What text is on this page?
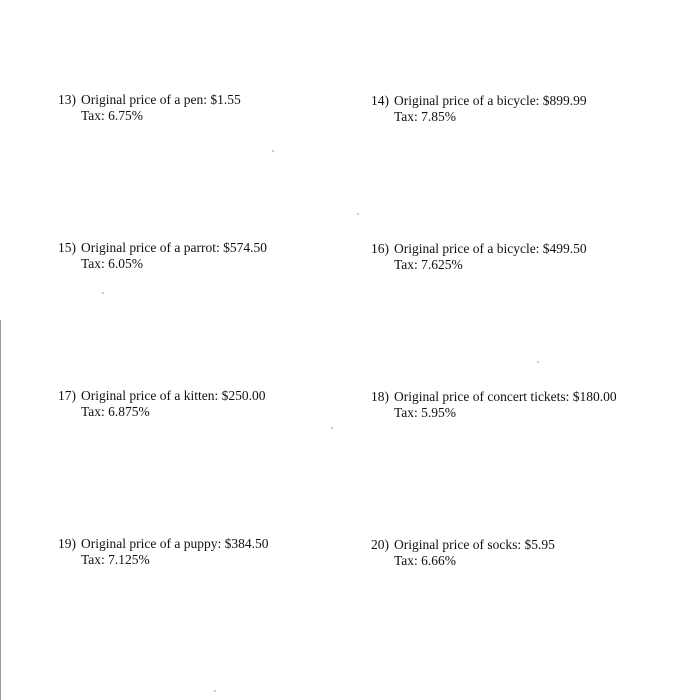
13) Original price of a pen: $1.55
Tax: 6.75%
14) Original price of a bicycle: $899.99
Tax: 7.85%
15) Original price of a parrot: $574.50
Tax: 6.05%
16) Original price of a bicycle: $499.50
Tax: 7.625%
17) Original price of a kitten: $250.00
Tax: 6.875%
18) Original price of concert tickets: $180.00
Tax: 5.95%
19) Original price of a puppy: $384.50
Tax: 7.125%
20) Original price of socks: $5.95
Tax: 6.66%
